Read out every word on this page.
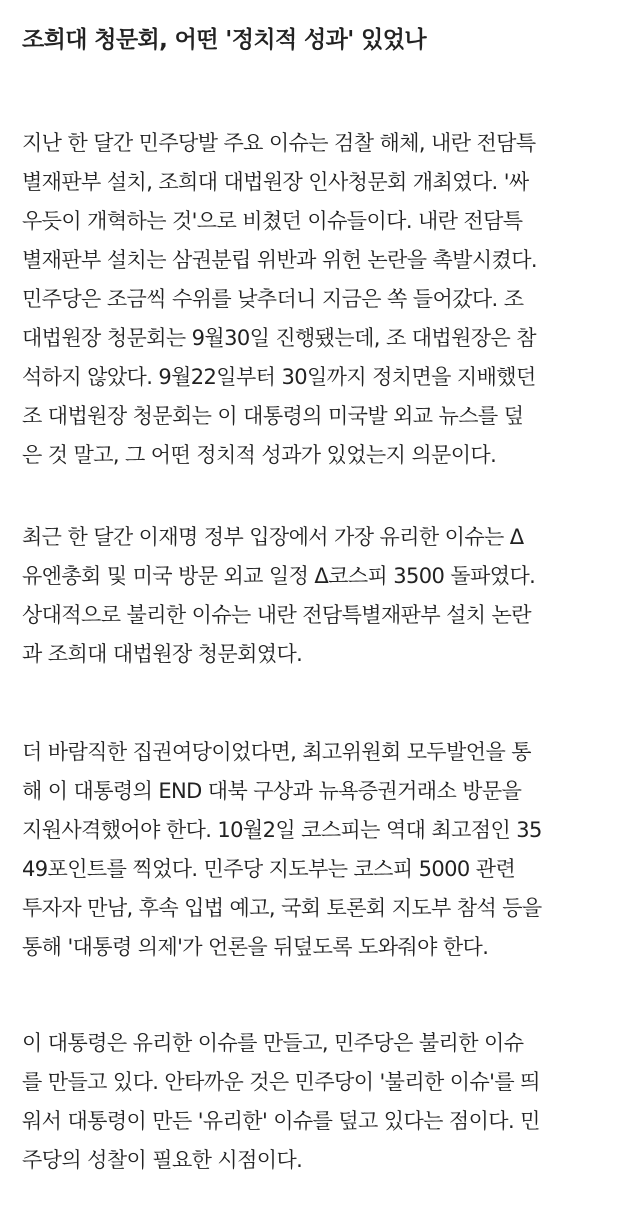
조희대 청문회, 어떤 '정치적 성과' 있었나
지난 한 달간 민주당발 주요 이슈는 검찰 해체, 내란 전담특
별재판부 설치, 조희대 대법원장 인사청문회 개최였다. '싸
우듯이 개혁하는 것'으로 비쳤던 이슈들이다. 내란 전담특
별재판부 설치는 삼권분립 위반과 위헌 논란을 촉발시켰다.
민주당은 조금씩 수위를 낮추더니 지금은 쏙 들어갔다. 조
대법원장 청문회는 9월30일 진행됐는데, 조 대법원장은 참
석하지 않았다. 9월22일부터 30일까지 정치면을 지배했던
조 대법원장 청문회는 이 대통령의 미국발 외교 뉴스를 덮
은 것 말고, 그 어떤 정치적 성과가 있었는지 의문이다.
최근 한 달간 이재명 정부 입장에서 가장 유리한 이슈는 Δ
유엔총회 및 미국 방문 외교 일정 Δ코스피 3500 돌파였다.
상대적으로 불리한 이슈는 내란 전담특별재판부 설치 논란
과 조희대 대법원장 청문회였다.
더 바람직한 집권여당이었다면, 최고위원회 모두발언을 통
해 이 대통령의 END 대북 구상과 뉴욕증권거래소 방문을
지원사격했어야 한다. 10월2일 코스피는 역대 최고점인 35
49포인트를 찍었다. 민주당 지도부는 코스피 5000 관련
투자자 만남, 후속 입법 예고, 국회 토론회 지도부 참석 등을
통해 '대통령 의제'가 언론을 뒤덮도록 도와줘야 한다.
이 대통령은 유리한 이슈를 만들고, 민주당은 불리한 이슈
를 만들고 있다. 안타까운 것은 민주당이 '불리한 이슈'를 띄
워서 대통령이 만든 '유리한' 이슈를 덮고 있다는 점이다. 민
주당의 성찰이 필요한 시점이다.
